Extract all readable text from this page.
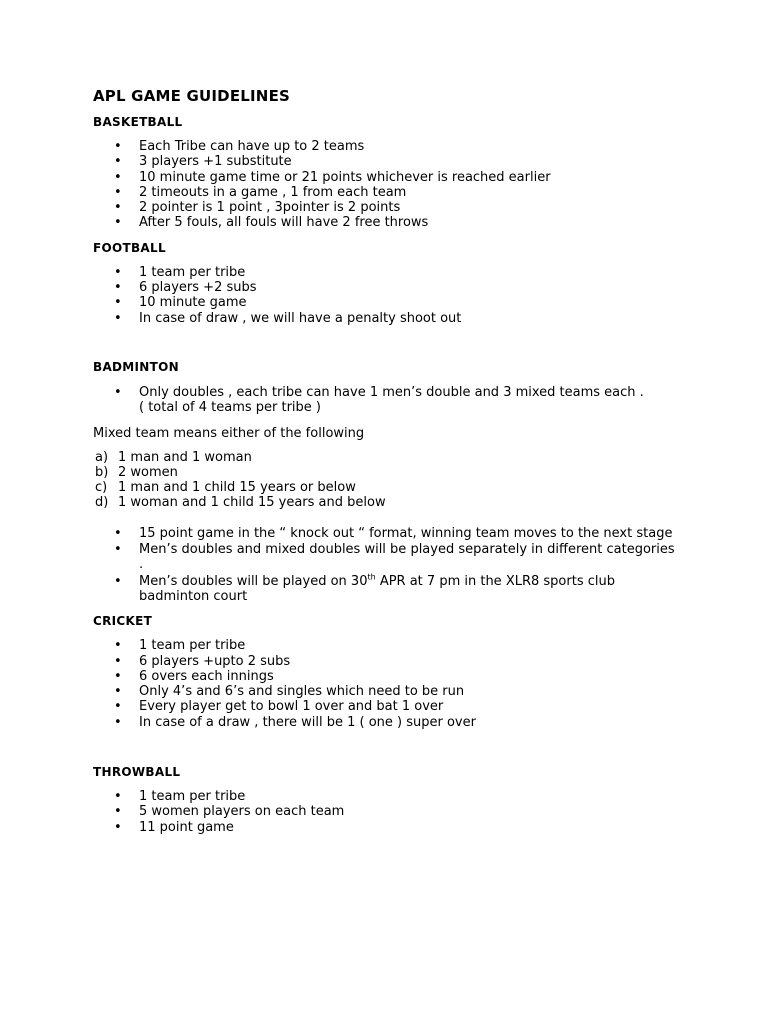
APL GAME GUIDELINES
BASKETBALL
• Each Tribe can have up to 2 teams
• 3 players +1 substitute
• 10 minute game time or 21 points whichever is reached earlier
• 2 timeouts in a game , 1 from each team
• 2 pointer is 1 point , 3pointer is 2 points
• After 5 fouls, all fouls will have 2 free throws
FOOTBALL
• 1 team per tribe
• 6 players +2 subs
• 10 minute game
• In case of draw , we will have a penalty shoot out
BADMINTON
• Only doubles , each tribe can have 1 men’s double and 3 mixed teams each .
( total of 4 teams per tribe )

Mixed team means either of the following

a) 1 man and 1 woman
b) 2 women
c) 1 man and 1 child 15 years or below
d) 1 woman and 1 child 15 years and below
• 15 point game in the “ knock out “ format, winning team moves to the next stage
• Men’s doubles and mixed doubles will be played separately in different categories
.
• Men’s doubles will be played on 30th APR at 7 pm in the XLR8 sports club
badminton court
CRICKET
• 1 team per tribe
• 6 players +upto 2 subs
• 6 overs each innings
• Only 4’s and 6’s and singles which need to be run
• Every player get to bowl 1 over and bat 1 over
• In case of a draw , there will be 1 ( one ) super over
THROWBALL
• 1 team per tribe
• 5 women players on each team
• 11 point game
